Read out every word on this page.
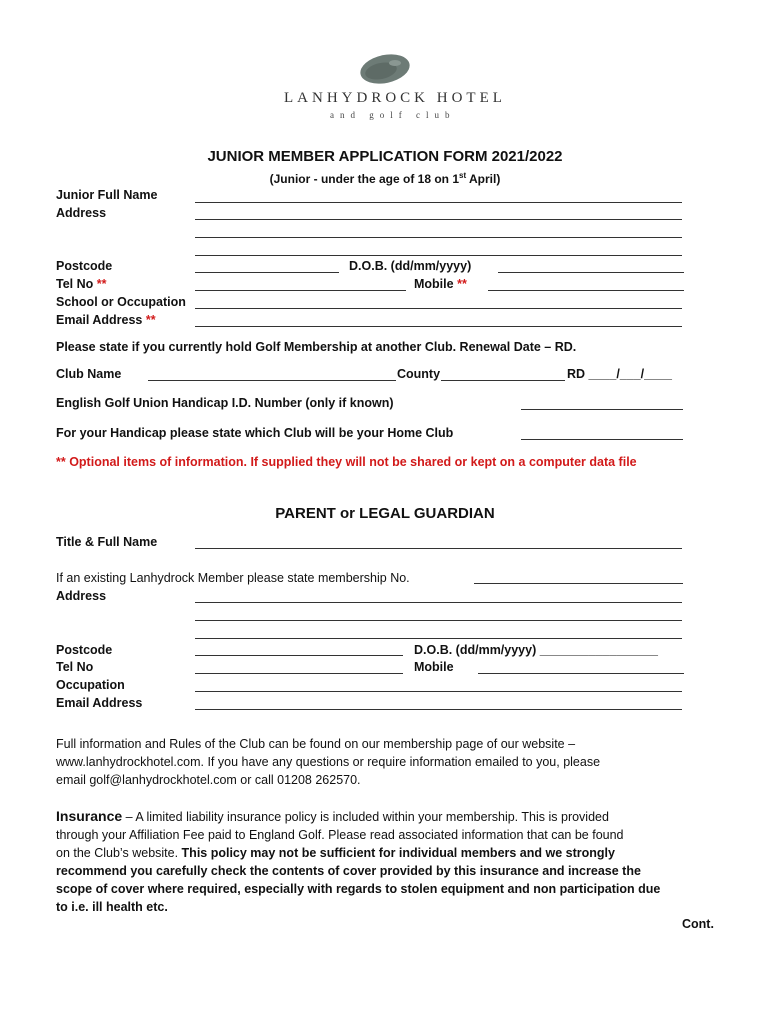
LANHYDROCK HOTEL
and golf club
JUNIOR MEMBER APPLICATION FORM 2021/2022
(Junior - under the age of 18 on 1st April)
Junior Full Name
Address
Postcode	D.O.B. (dd/mm/yyyy)
Tel No **	Mobile **
School or Occupation
Email Address **
Please state if you currently hold Golf Membership at another Club. Renewal Date – RD.
Club Name	County	RD ____/___/____
English Golf Union Handicap I.D. Number (only if known)
For your Handicap please state which Club will be your Home Club
** Optional items of information. If supplied they will not be shared or kept on a computer data file
PARENT or LEGAL GUARDIAN
Title & Full Name
If an existing Lanhydrock Member please state membership No.
Address
Postcode	D.O.B. (dd/mm/yyyy) _________________
Tel No	Mobile
Occupation
Email Address
Full information and Rules of the Club can be found on our membership page of our website –
www.lanhydrockhotel.com. If you have any questions or require information emailed to you, please
email golf@lanhydrockhotel.com or call 01208 262570.
Insurance – A limited liability insurance policy is included within your membership. This is provided
through your Affiliation Fee paid to England Golf. Please read associated information that can be found
on the Club’s website. This policy may not be sufficient for individual members and we strongly
recommend you carefully check the contents of cover provided by this insurance and increase the
scope of cover where required, especially with regards to stolen equipment and non participation due
to i.e. ill health etc.
Cont.
